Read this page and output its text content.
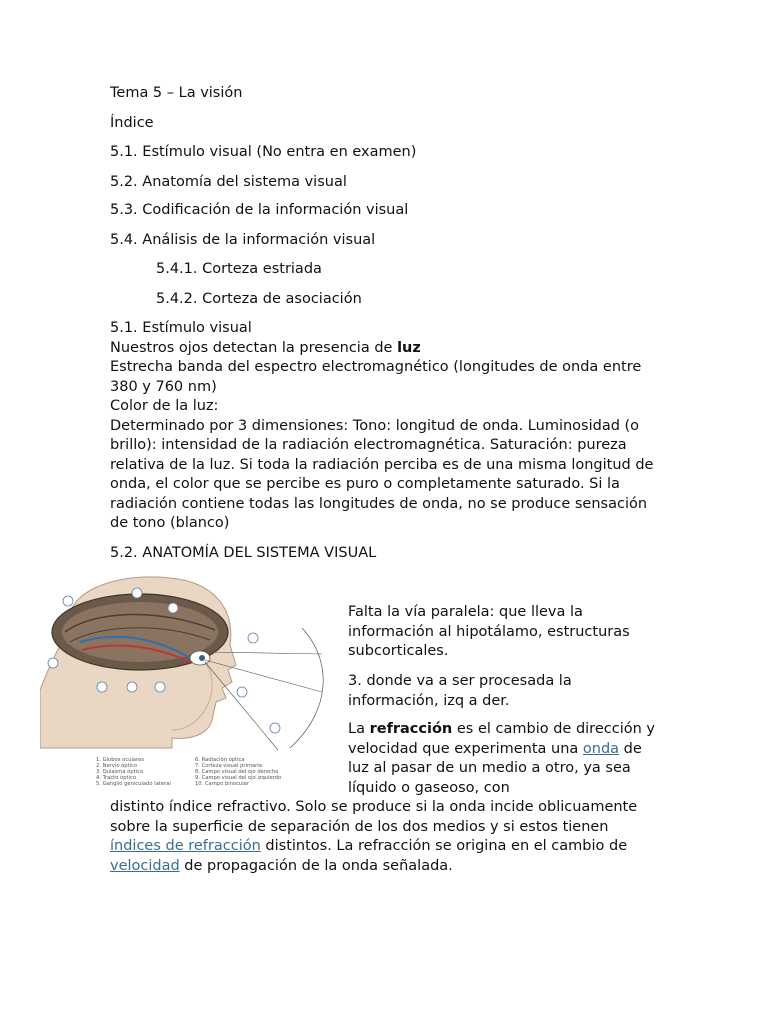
Tema 5 – La visión
Índice
5.1. Estímulo visual (No entra en examen)
5.2. Anatomía del sistema visual
5.3. Codificación de la información visual
5.4. Análisis de la información visual
5.4.1. Corteza estriada
5.4.2. Corteza de asociación

5.1. Estímulo visual

Nuestros ojos detectan la presencia de luz

Estrecha banda del espectro electromagnético (longitudes de onda entre 380 y 760 nm)

Color de la luz:

Determinado por 3 dimensiones: Tono: longitud de onda. Luminosidad (o brillo): intensidad de la radiación electromagnética. Saturación: pureza relativa de la luz. Si toda la radiación perciba es de una misma longitud de onda, el color que se percibe es puro o completamente saturado. Si la radiación contiene todas las longitudes de onda, no se produce sensación de tono (blanco)

5.2. ANATOMÍA DEL SISTEMA VISUAL
1. Globos oculares
2. Nervio óptico
3. Quiasma óptico
4. Tracto óptico
5. Ganglio geniculado lateral
6. Radiación óptica
7. Corteza visual primaria
8. Campo visual del ojo derecho
9. Campo visual del ojo izquierdo
10. Campo binocular

Falta la vía paralela: que lleva la información al hipotálamo, estructuras subcorticales.

3. donde va a ser procesada la información, izq a der.

La refracción es el cambio de dirección y velocidad que experimenta una onda de luz al pasar de un medio a otro, ya sea líquido o gaseoso, con

distinto índice refractivo. Solo se produce si la onda incide oblicuamente sobre la superficie de separación de los dos medios y si estos tienen índices de refracción distintos. La refracción se origina en el cambio de velocidad de propagación de la onda señalada.
